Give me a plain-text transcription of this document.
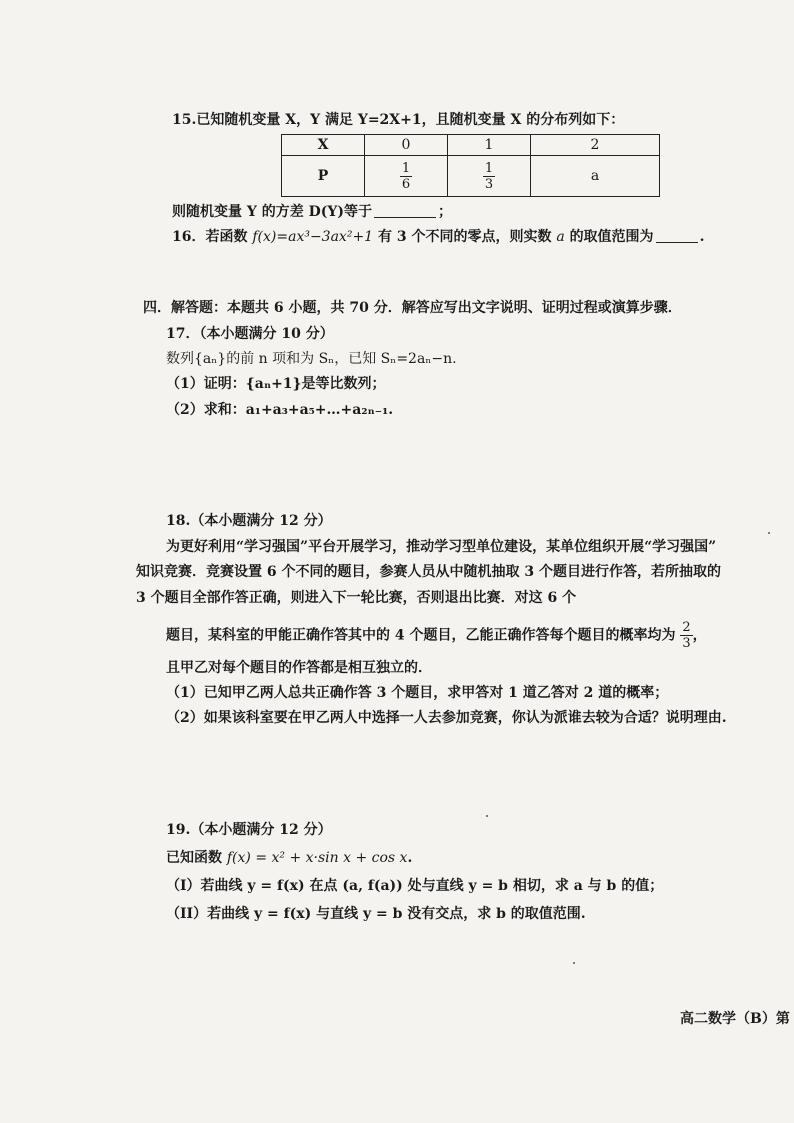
15.已知随机变量 X，Y 满足 Y=2X+1，且随机变量 X 的分布列如下：
X	0	1	2
P	$\frac{1}{6}$	$\frac{1}{3}$	a
则随机变量 Y 的方差 D(Y)等于	；
16．若函数 f(x)=ax³−3ax²+1 有 3 个不同的零点，则实数 a 的取值范围为	.
四．解答题：本题共 6 小题，共 70 分．解答应写出文字说明、证明过程或演算步骤．
17．（本小题满分 10 分）
数列{aₙ}的前 n 项和为 Sₙ，已知 Sₙ=2aₙ−n.
（1）证明：{aₙ+1}是等比数列；
（2）求和：a₁+a₃+a₅+…+a₂ₙ₋₁.
18.（本小题满分 12 分）
为更好利用“学习强国”平台开展学习，推动学习型单位建设，某单位组织开展“学习强国”
知识竞赛．竞赛设置 6 个不同的题目，参赛人员从中随机抽取 3 个题目进行作答，若所抽取的
3 个题目全部作答正确，则进入下一轮比赛，否则退出比赛．对这 6 个
题目，某科室的甲能正确作答其中的 4 个题目，乙能正确作答每个题目的概率均为 $\frac{2}{3}$ ，
且甲乙对每个题目的作答都是相互独立的．
（1）已知甲乙两人总共正确作答 3 个题目，求甲答对 1 道乙答对 2 道的概率；
（2）如果该科室要在甲乙两人中选择一人去参加竞赛，你认为派谁去较为合适？说明理由.
19.（本小题满分 12 分）
已知函数 f(x) = x² + x·sin x + cos x.
（I）若曲线 y = f(x) 在点 (a, f(a)) 处与直线 y = b 相切，求 a 与 b 的值；
（II）若曲线 y = f(x) 与直线 y = b 没有交点，求 b 的取值范围.
高二数学（B）第
